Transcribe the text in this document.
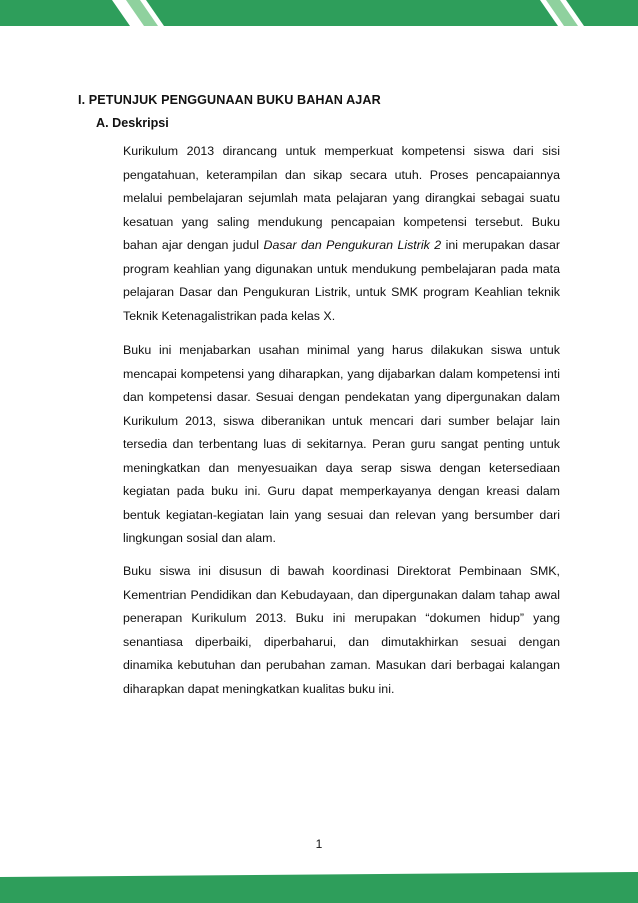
I. PETUNJUK PENGGUNAAN BUKU BAHAN AJAR
A. Deskripsi

Kurikulum 2013 dirancang untuk memperkuat kompetensi siswa dari sisi pengatahuan, keterampilan dan sikap secara utuh. Proses pencapaiannya melalui pembelajaran sejumlah mata pelajaran yang dirangkai sebagai suatu kesatuan yang saling mendukung pencapaian kompetensi tersebut. Buku bahan ajar dengan judul Dasar dan Pengukuran Listrik 2 ini merupakan dasar program keahlian yang digunakan untuk mendukung pembelajaran pada mata pelajaran Dasar dan Pengukuran Listrik, untuk SMK program Keahlian teknik Teknik Ketenagalistrikan pada kelas X.

Buku ini menjabarkan usahan minimal yang harus dilakukan siswa untuk mencapai kompetensi yang diharapkan, yang dijabarkan dalam kompetensi inti dan kompetensi dasar. Sesuai dengan pendekatan yang dipergunakan dalam Kurikulum 2013, siswa diberanikan untuk mencari dari sumber belajar lain tersedia dan terbentang luas di sekitarnya. Peran guru sangat penting untuk meningkatkan dan menyesuaikan daya serap siswa dengan ketersediaan kegiatan pada buku ini. Guru dapat memperkayanya dengan kreasi dalam bentuk kegiatan-kegiatan lain yang sesuai dan relevan yang bersumber dari lingkungan sosial dan alam.

Buku siswa ini disusun di bawah koordinasi Direktorat Pembinaan SMK, Kementrian Pendidikan dan Kebudayaan, dan dipergunakan dalam tahap awal penerapan Kurikulum 2013. Buku ini merupakan “dokumen hidup” yang senantiasa diperbaiki, diperbaharui, dan dimutakhirkan sesuai dengan dinamika kebutuhan dan perubahan zaman. Masukan dari berbagai kalangan diharapkan dapat meningkatkan kualitas buku ini.

1
